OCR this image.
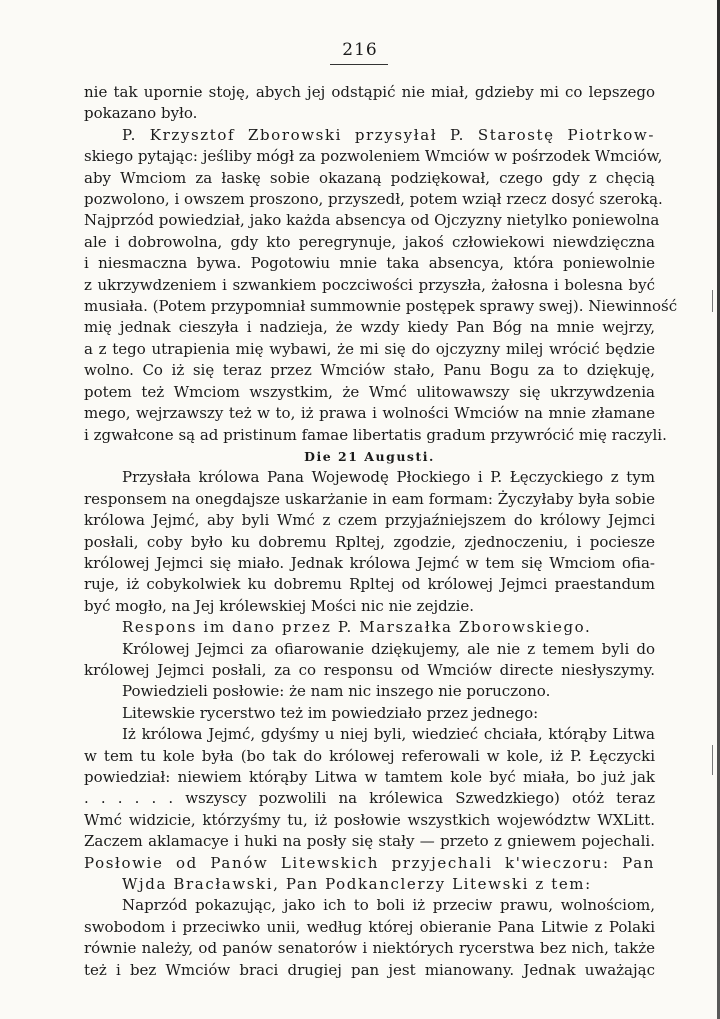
216
nie tak upornie stoję, abych jej odstąpić nie miał, gdzieby mi co lepszego
pokazano było.
P. Krzysztof Zborowski przysyłał P. Starostę Piotrkow-
skiego pytając: jeśliby mógł za pozwoleniem Wmciów w pośrzodek Wmciów,
aby Wmciom za łaskę sobie okazaną podziękował, czego gdy z chęcią
pozwolono, i owszem proszono, przyszedł, potem wziął rzecz dosyć szeroką.
Najprzód powiedział, jako każda absencya od Ojczyzny nietylko poniewolna
ale i dobrowolna, gdy kto peregrynuje, jakoś człowiekowi niewdzięczna
i niesmaczna bywa. Pogotowiu mnie taka absencya, która poniewolnie
z ukrzywdzeniem i szwankiem poczciwości przyszła, żałosna i bolesna być
musiała. (Potem przypomniał summownie postępek sprawy swej). Niewinność
mię jednak cieszyła i nadzieja, że wzdy kiedy Pan Bóg na mnie wejrzy,
a z tego utrapienia mię wybawi, że mi się do ojczyzny milej wrócić będzie
wolno. Co iż się teraz przez Wmciów stało, Panu Bogu za to dziękuję,
potem też Wmciom wszystkim, że Wmć ulitowawszy się ukrzywdzenia
mego, wejrzawszy też w to, iż prawa i wolności Wmciów na mnie złamane
i zgwałcone są ad pristinum famae libertatis gradum przywrócić mię raczyli.
Die 21 Augusti.
Przysłała królowa Pana Wojewodę Płockiego i P. Łęczyckiego z tym
responsem na onegdajsze uskarżanie in eam formam: Życzyłaby była sobie
królowa Jejmć, aby byli Wmć z czem przyjaźniejszem do królowy Jejmci
posłali, coby było ku dobremu Rpltej, zgodzie, zjednoczeniu, i pociesze
królowej Jejmci się miało. Jednak królowa Jejmć w tem się Wmciom ofia-
ruje, iż cobykolwiek ku dobremu Rpltej od królowej Jejmci praestandum
być mogło, na Jej królewskiej Mości nic nie zejdzie.
Respons im dano przez P. Marszałka Zborowskiego.
Królowej Jejmci za ofiarowanie dziękujemy, ale nie z temem byli do
królowej Jejmci posłali, za co responsu od Wmciów directe niesłyszymy.
Powiedzieli posłowie: że nam nic inszego nie poruczono.
Litewskie rycerstwo też im powiedziało przez jednego:
Iż królowa Jejmć, gdyśmy u niej byli, wiedzieć chciała, którąby Litwa
w tem tu kole była (bo tak do królowej referowali w kole, iż P. Łęczycki
powiedział: niewiem którąby Litwa w tamtem kole być miała, bo już jak
. . . . . . wszyscy pozwolili na królewica Szwedzkiego) otóż teraz
Wmć widzicie, którzyśmy tu, iż posłowie wszystkich województw WXLitt.
Zaczem aklamacye i huki na posły się stały — przeto z gniewem pojechali.
Posłowie od Panów Litewskich przyjechali k'wieczoru: Pan
Wjda Bracławski, Pan Podkanclerzy Litewski z tem:
Naprzód pokazując, jako ich to boli iż przeciw prawu, wolnościom,
swobodom i przeciwko unii, według której obieranie Pana Litwie z Polaki
równie należy, od panów senatorów i niektórych rycerstwa bez nich, także
też i bez Wmciów braci drugiej pan jest mianowany. Jednak uważając
